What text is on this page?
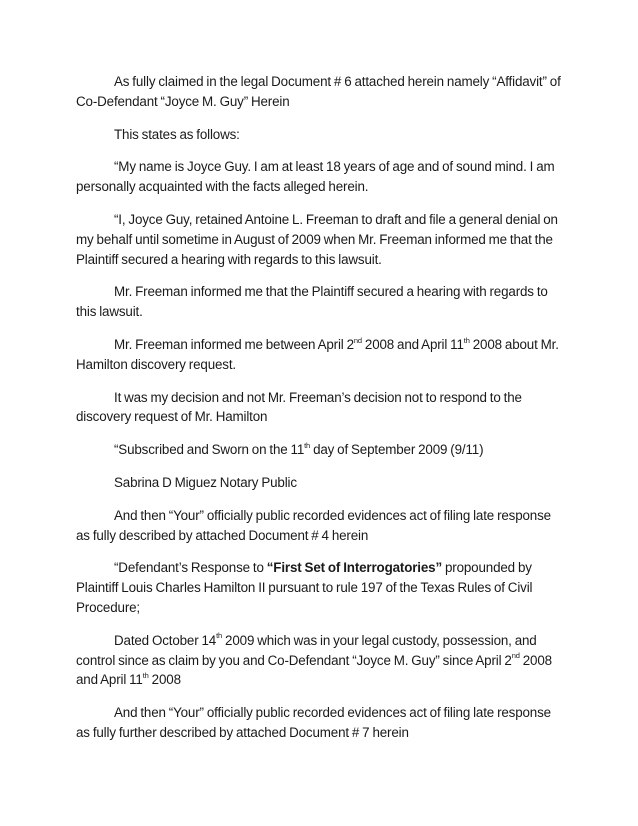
As fully claimed in the legal Document # 6 attached herein namely “Affidavit” of Co-Defendant “Joyce M. Guy” Herein

This states as follows:

“My name is Joyce Guy. I am at least 18 years of age and of sound mind. I am personally acquainted with the facts alleged herein.

“I, Joyce Guy, retained Antoine L. Freeman to draft and file a general denial on my behalf until sometime in August of 2009 when Mr. Freeman informed me that the Plaintiff secured a hearing with regards to this lawsuit.

Mr. Freeman informed me that the Plaintiff secured a hearing with regards to this lawsuit.

Mr. Freeman informed me between April 2nd 2008 and April 11th 2008 about Mr. Hamilton discovery request.

It was my decision and not Mr. Freeman’s decision not to respond to the discovery request of Mr. Hamilton

“Subscribed and Sworn on the 11th day of September 2009 (9/11)

Sabrina D Miguez Notary Public

And then “Your” officially public recorded evidences act of filing late response as fully described by attached Document # 4 herein

“Defendant’s Response to “First Set of Interrogatories” propounded by Plaintiff Louis Charles Hamilton II pursuant to rule 197 of the Texas Rules of Civil Procedure;

Dated October 14th 2009 which was in your legal custody, possession, and control since as claim by you and Co-Defendant “Joyce M. Guy” since April 2nd 2008 and April 11th 2008

And then “Your” officially public recorded evidences act of filing late response as fully further described by attached Document # 7 herein
